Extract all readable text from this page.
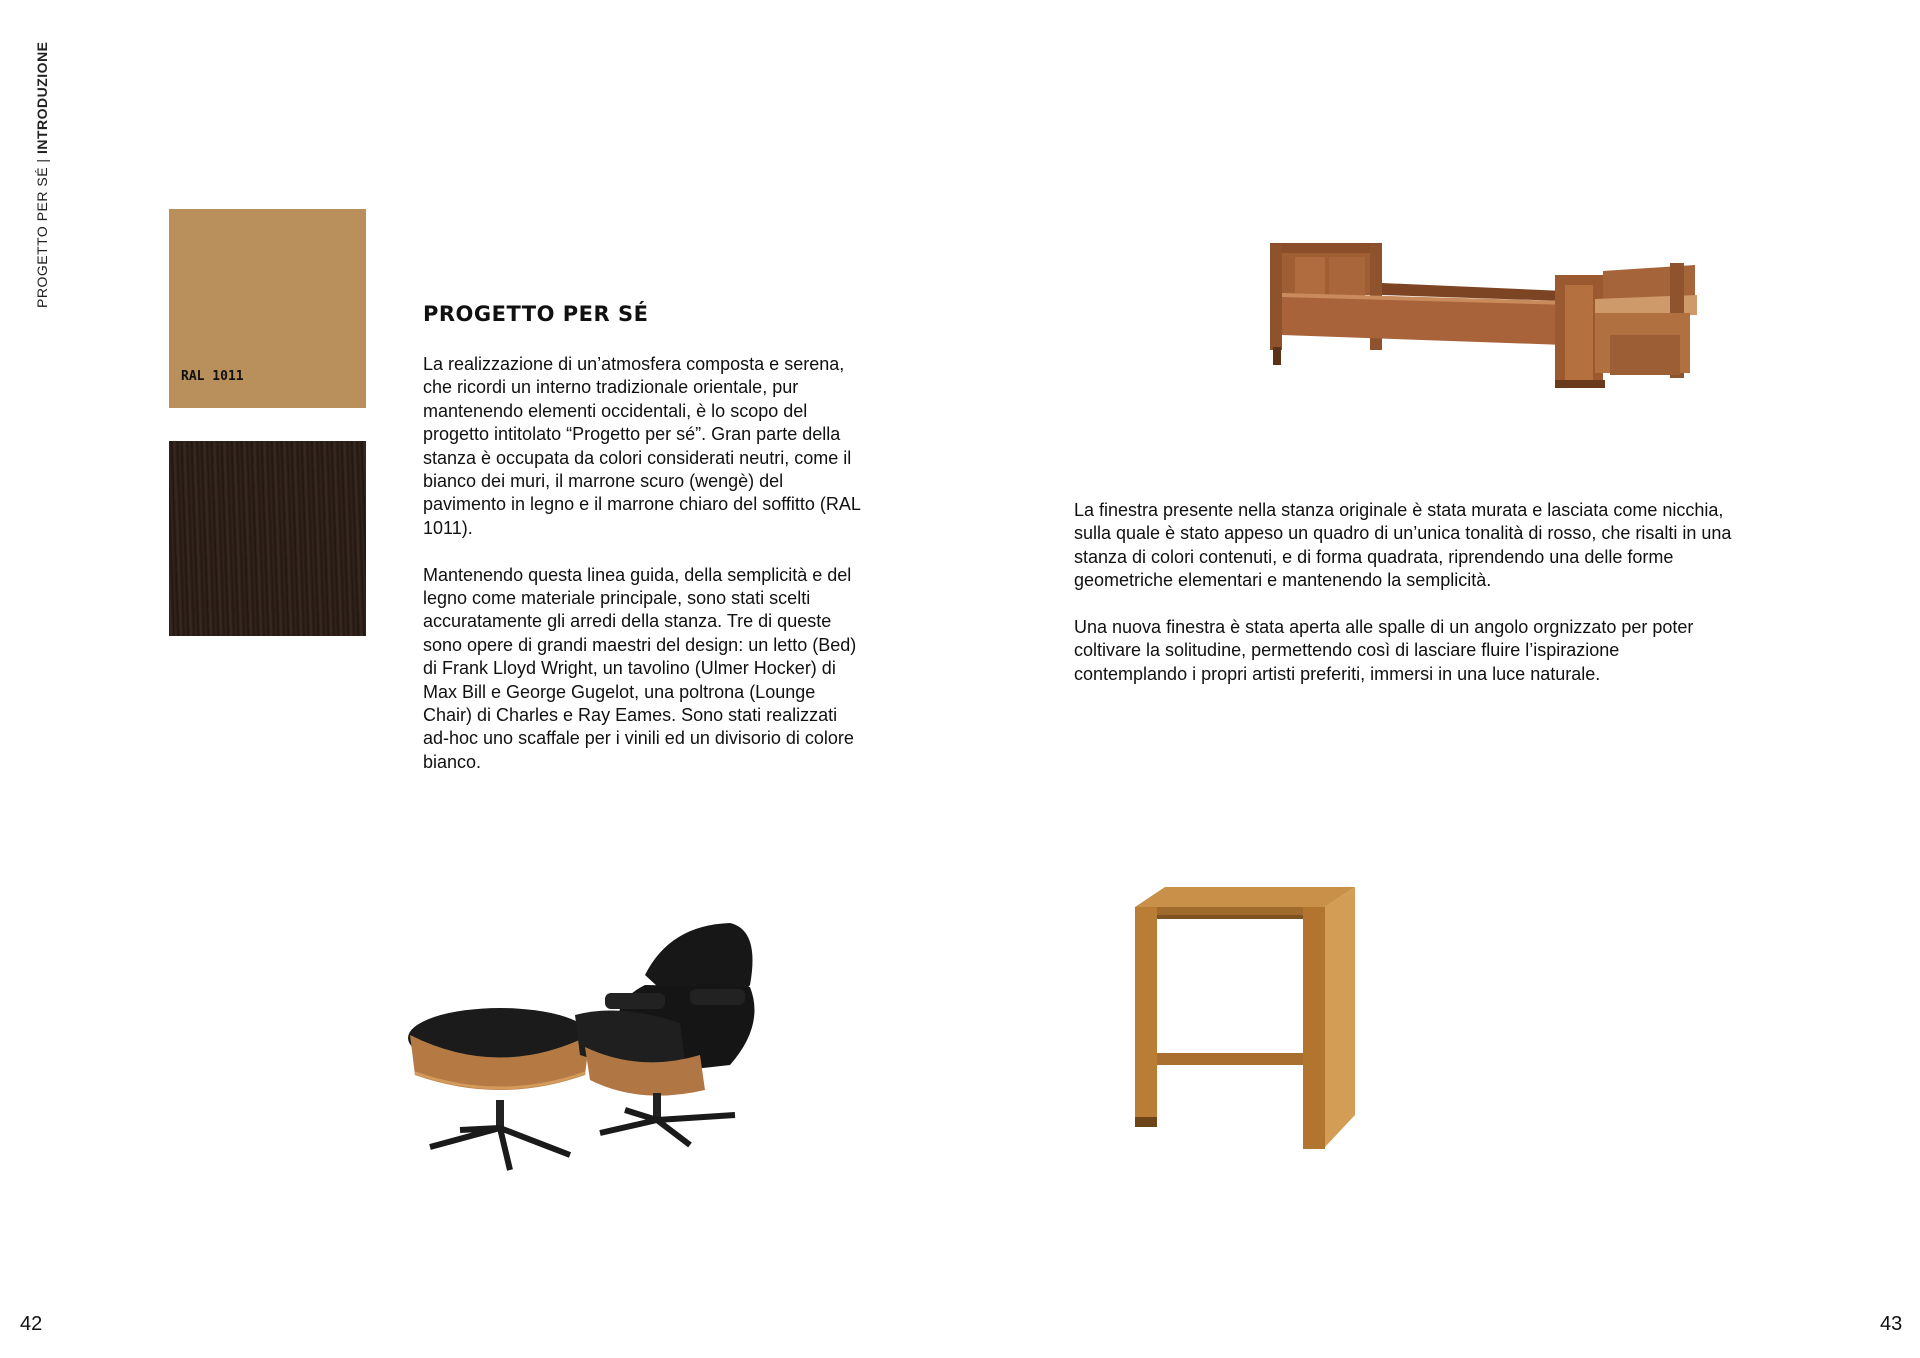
PROGETTO PER SÉ | INTRODUZIONE
RAL 1011
PROGETTO PER SÉ

La realizzazione di un’atmosfera composta e serena, che ricordi un interno tradizionale orientale, pur mantenendo elementi occidentali, è lo scopo del progetto intitolato “Progetto per sé”. Gran parte della stanza è occupata da colori considerati neutri, come il bianco dei muri, il marrone scuro (wengè) del pavimento in legno e il marrone chiaro del soffitto (RAL 1011).

Mantenendo questa linea guida, della semplicità e del legno come materiale principale, sono stati scelti accuratamente gli arredi della stanza. Tre di queste sono opere di grandi maestri del design: un letto (Bed) di Frank Lloyd Wright, un tavolino (Ulmer Hocker) di Max Bill e George Gugelot, una poltrona (Lounge Chair) di Charles e Ray Eames. Sono stati realizzati ad-hoc uno scaffale per i vinili ed un divisorio di colore bianco.

La finestra presente nella stanza originale è stata murata e lasciata come nicchia, sulla quale è stato appeso un quadro di un’unica tonalità di rosso, che risalti in una stanza di colori contenuti, e di forma quadrata, riprendendo una delle forme geometriche elementari e mantenendo la semplicità.

Una nuova finestra è stata aperta alle spalle di un angolo orgnizzato per poter coltivare la solitudine, permettendo così di lasciare fluire l’ispirazione contemplando i propri artisti preferiti, immersi in una luce naturale.

42	43
